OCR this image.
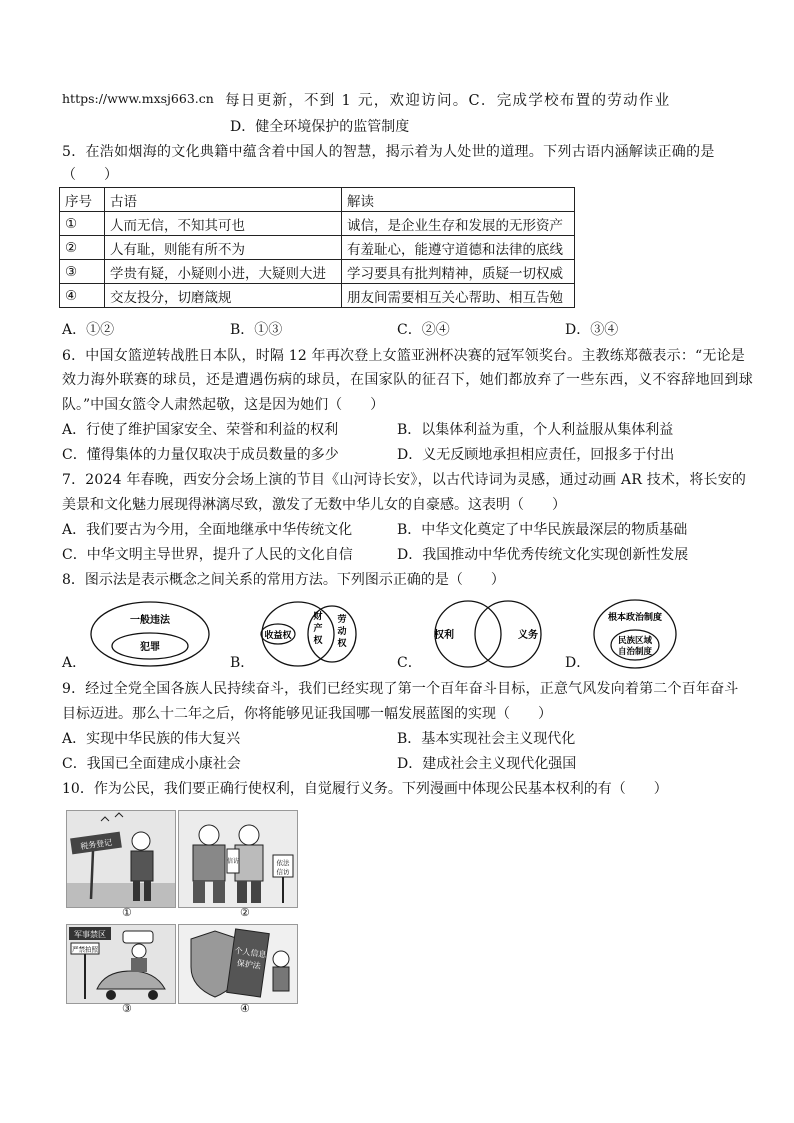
https://www.mxsj663.cn 每日更新，不到 1 元，欢迎访问。C．完成学校布置的劳动作业
D．健全环境保护的监管制度
5．在浩如烟海的文化典籍中蕴含着中国人的智慧，揭示着为人处世的道理。下列古语内涵解读正确的是
（　　）
序号	古语	解读
①	人而无信，不知其可也	诚信，是企业生存和发展的无形资产
②	人有耻，则能有所不为	有羞耻心，能遵守道德和法律的底线
③	学贵有疑，小疑则小进，大疑则大进	学习要具有批判精神，质疑一切权威
④	交友投分，切磨箴规	朋友间需要相互关心帮助、相互告勉
A．①②	B．①③	C．②④	D．③④
6．中国女篮逆转战胜日本队，时隔 12 年再次登上女篮亚洲杯决赛的冠军领奖台。主教练郑薇表示：“无论是
效力海外联赛的球员，还是遭遇伤病的球员，在国家队的征召下，她们都放弃了一些东西，义不容辞地回到球
队。”中国女篮令人肃然起敬，这是因为她们（　　）
A．行使了维护国家安全、荣誉和利益的权利	B．以集体利益为重，个人利益服从集体利益
C．懂得集体的力量仅取决于成员数量的多少	D．义无反顾地承担相应责任，回报多于付出
7．2024 年春晚，西安分会场上演的节目《山河诗长安》，以古代诗词为灵感，通过动画 AR 技术，将长安的
美景和文化魅力展现得淋漓尽致，激发了无数中华儿女的自豪感。这表明（　　）
A．我们要古为今用，全面地继承中华传统文化	B．中华文化奠定了中华民族最深层的物质基础
C．中华文明主导世界，提升了人民的文化自信	D．我国推动中华优秀传统文化实现创新性发展
8．图示法是表示概念之间关系的常用方法。下列图示正确的是（　　）
A．
一般违法
犯罪
B．
收益权
财
产
权
劳
动
权
C．
权利	义务
D．
根本政治制度
民族区域
自治制度
9．经过全党全国各族人民持续奋斗，我们已经实现了第一个百年奋斗目标，正意气风发向着第二个百年奋斗
目标迈进。那么十二年之后，你将能够见证我国哪一幅发展蓝图的实现（　　）
A．实现中华民族的伟大复兴	B．基本实现社会主义现代化
C．我国已全面建成小康社会	D．建成社会主义现代化强国
10．作为公民，我们要正确行使权利，自觉履行义务。下列漫画中体现公民基本权利的有（　　）
税务登记
①
信访	依法
信访
②
军事禁区
严禁拍照
③
个人信息
保护法
④
